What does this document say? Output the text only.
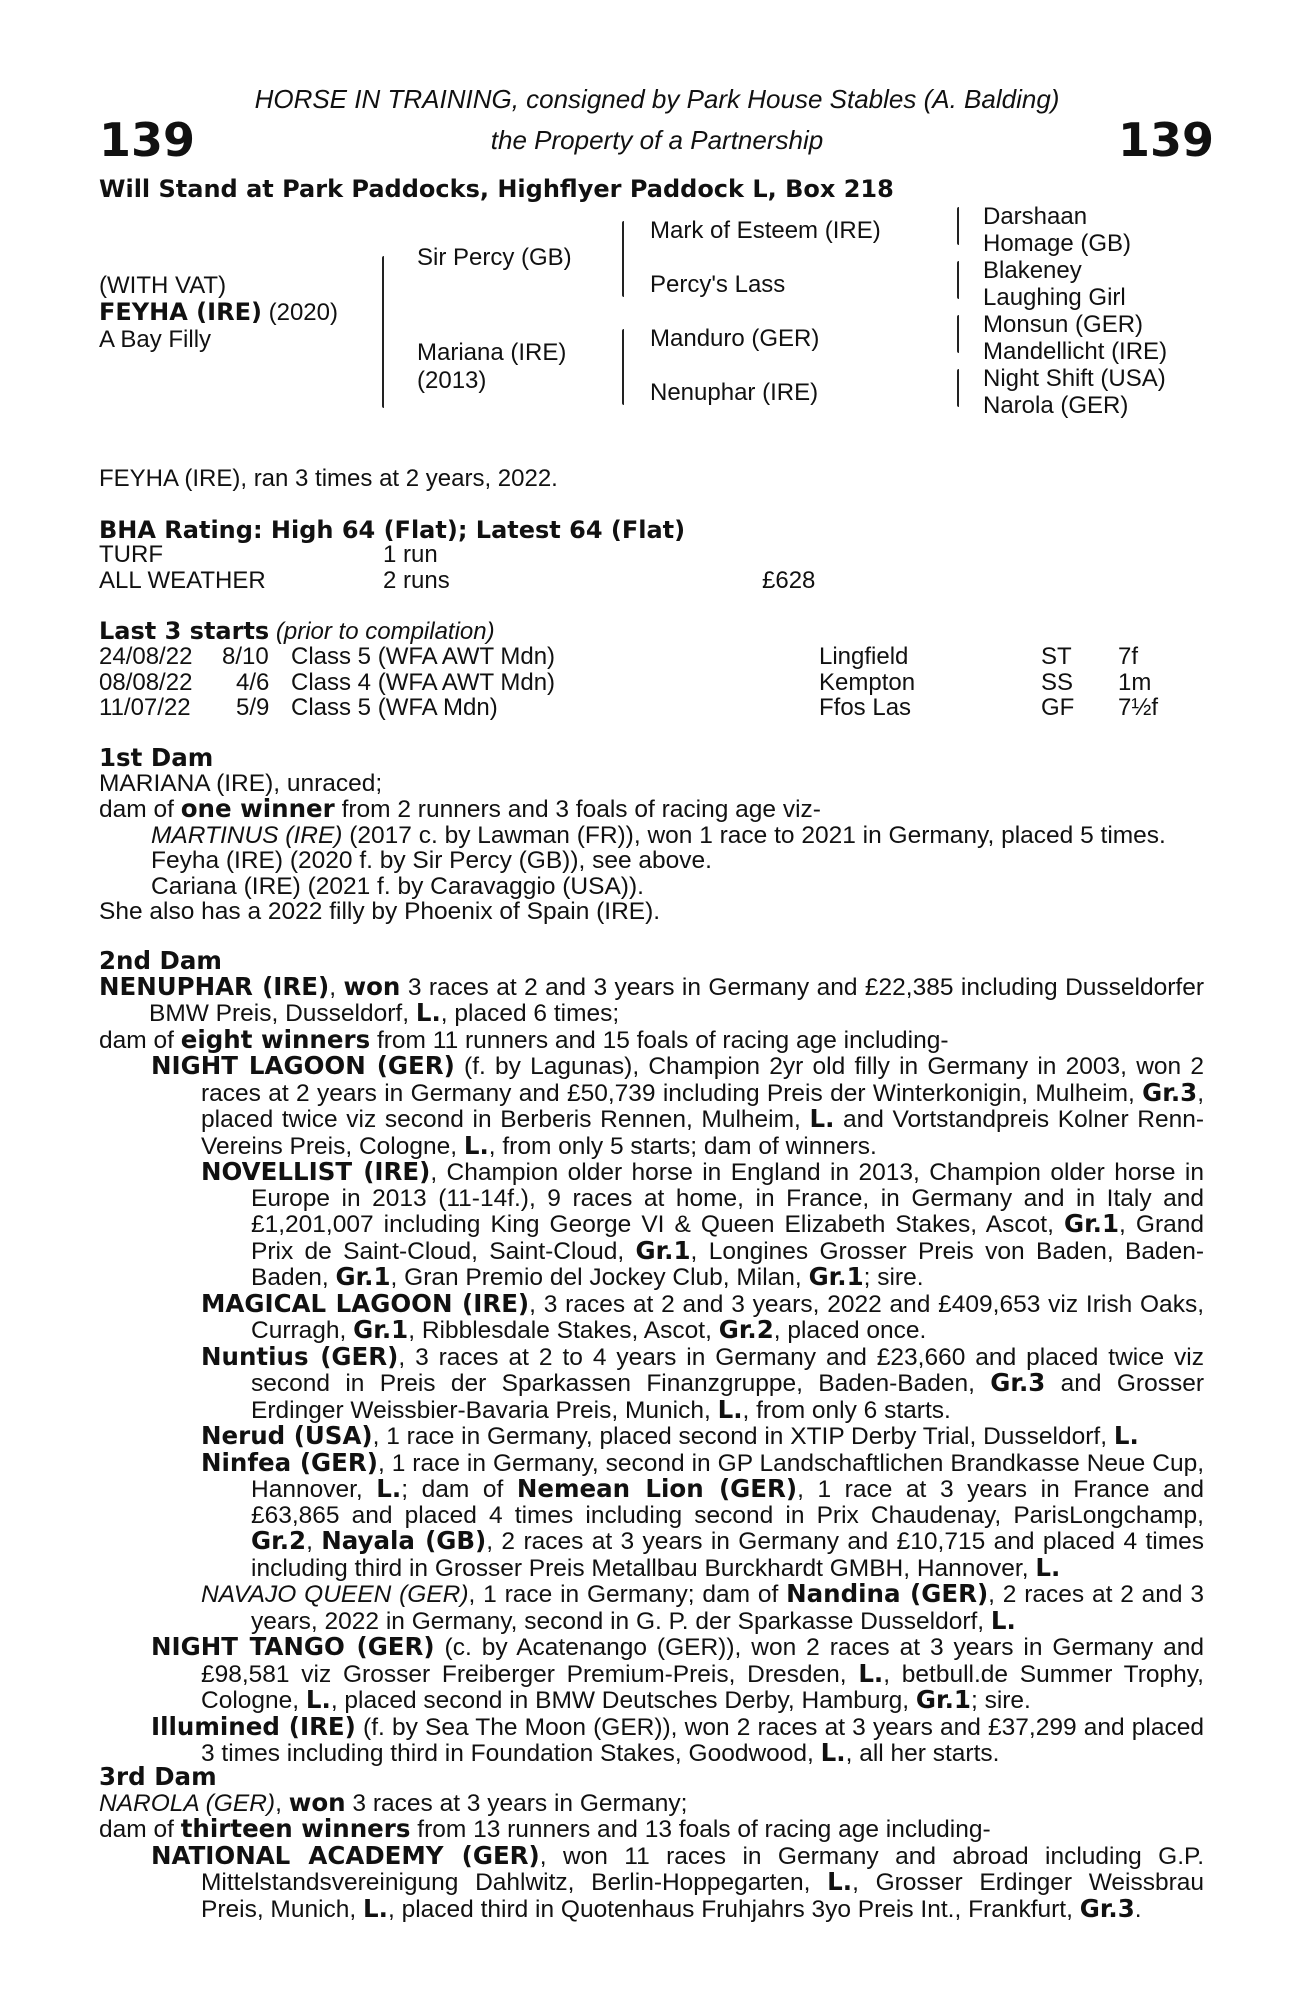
139	139
HORSE IN TRAINING, consigned by Park House Stables (A. Balding)
the Property of a Partnership
Will Stand at Park Paddocks, Highflyer Paddock L, Box 218
(WITH VAT)
FEYHA (IRE) (2020)
A Bay Filly
Sir Percy (GB)
Mariana (IRE)
(2013)
Mark of Esteem (IRE)
Percy's Lass
Manduro (GER)
Nenuphar (IRE)
Darshaan
Homage (GB)
Blakeney
Laughing Girl
Monsun (GER)
Mandellicht (IRE)
Night Shift (USA)
Narola (GER)
FEYHA (IRE), ran 3 times at 2 years, 2022.
BHA Rating: High 64 (Flat); Latest 64 (Flat)
TURF	1 run
ALL WEATHER	2 runs	£628
Last 3 starts (prior to compilation)
24/08/22 8/10 Class 5 (WFA AWT Mdn)	Lingfield	ST 7f
08/08/22 4/6 Class 4 (WFA AWT Mdn)	Kempton	SS 1m
11/07/22 5/9 Class 5 (WFA Mdn)	Ffos Las	GF 7½f

1st Dam

MARIANA (IRE), unraced;

dam of one winner from 2 runners and 3 foals of racing age viz-

MARTINUS (IRE) (2017 c. by Lawman (FR)), won 1 race to 2021 in Germany, placed 5 times.

Feyha (IRE) (2020 f. by Sir Percy (GB)), see above.

Cariana (IRE) (2021 f. by Caravaggio (USA)).

She also has a 2022 filly by Phoenix of Spain (IRE).

2nd Dam

NENUPHAR (IRE), won 3 races at 2 and 3 years in Germany and £22,385 including Dusseldorfer BMW Preis, Dusseldorf, L., placed 6 times;

dam of eight winners from 11 runners and 15 foals of racing age including-

NIGHT LAGOON (GER) (f. by Lagunas), Champion 2yr old filly in Germany in 2003, won 2 races at 2 years in Germany and £50,739 including Preis der Winterkonigin, Mulheim, Gr.3, placed twice viz second in Berberis Rennen, Mulheim, L. and Vortstandpreis Kolner Renn-Vereins Preis, Cologne, L., from only 5 starts; dam of winners.

NOVELLIST (IRE), Champion older horse in England in 2013, Champion older horse in Europe in 2013 (11-14f.), 9 races at home, in France, in Germany and in Italy and £1,201,007 including King George VI & Queen Elizabeth Stakes, Ascot, Gr.1, Grand Prix de Saint-Cloud, Saint-Cloud, Gr.1, Longines Grosser Preis von Baden, Baden-Baden, Gr.1, Gran Premio del Jockey Club, Milan, Gr.1; sire.

MAGICAL LAGOON (IRE), 3 races at 2 and 3 years, 2022 and £409,653 viz Irish Oaks, Curragh, Gr.1, Ribblesdale Stakes, Ascot, Gr.2, placed once.

Nuntius (GER), 3 races at 2 to 4 years in Germany and £23,660 and placed twice viz second in Preis der Sparkassen Finanzgruppe, Baden-Baden, Gr.3 and Grosser Erdinger Weissbier-Bavaria Preis, Munich, L., from only 6 starts.

Nerud (USA), 1 race in Germany, placed second in XTIP Derby Trial, Dusseldorf, L.

Ninfea (GER), 1 race in Germany, second in GP Landschaftlichen Brandkasse Neue Cup, Hannover, L.; dam of Nemean Lion (GER), 1 race at 3 years in France and £63,865 and placed 4 times including second in Prix Chaudenay, ParisLongchamp, Gr.2, Nayala (GB), 2 races at 3 years in Germany and £10,715 and placed 4 times including third in Grosser Preis Metallbau Burckhardt GMBH, Hannover, L.

NAVAJO QUEEN (GER), 1 race in Germany; dam of Nandina (GER), 2 races at 2 and 3 years, 2022 in Germany, second in G. P. der Sparkasse Dusseldorf, L.

NIGHT TANGO (GER) (c. by Acatenango (GER)), won 2 races at 3 years in Germany and £98,581 viz Grosser Freiberger Premium-Preis, Dresden, L., betbull.de Summer Trophy, Cologne, L., placed second in BMW Deutsches Derby, Hamburg, Gr.1; sire.

Illumined (IRE) (f. by Sea The Moon (GER)), won 2 races at 3 years and £37,299 and placed 3 times including third in Foundation Stakes, Goodwood, L., all her starts.

3rd Dam

NAROLA (GER), won 3 races at 3 years in Germany;

dam of thirteen winners from 13 runners and 13 foals of racing age including-

NATIONAL ACADEMY (GER), won 11 races in Germany and abroad including G.P. Mittelstandsvereinigung Dahlwitz, Berlin-Hoppegarten, L., Grosser Erdinger Weissbrau Preis, Munich, L., placed third in Quotenhaus Fruhjahrs 3yo Preis Int., Frankfurt, Gr.3.
